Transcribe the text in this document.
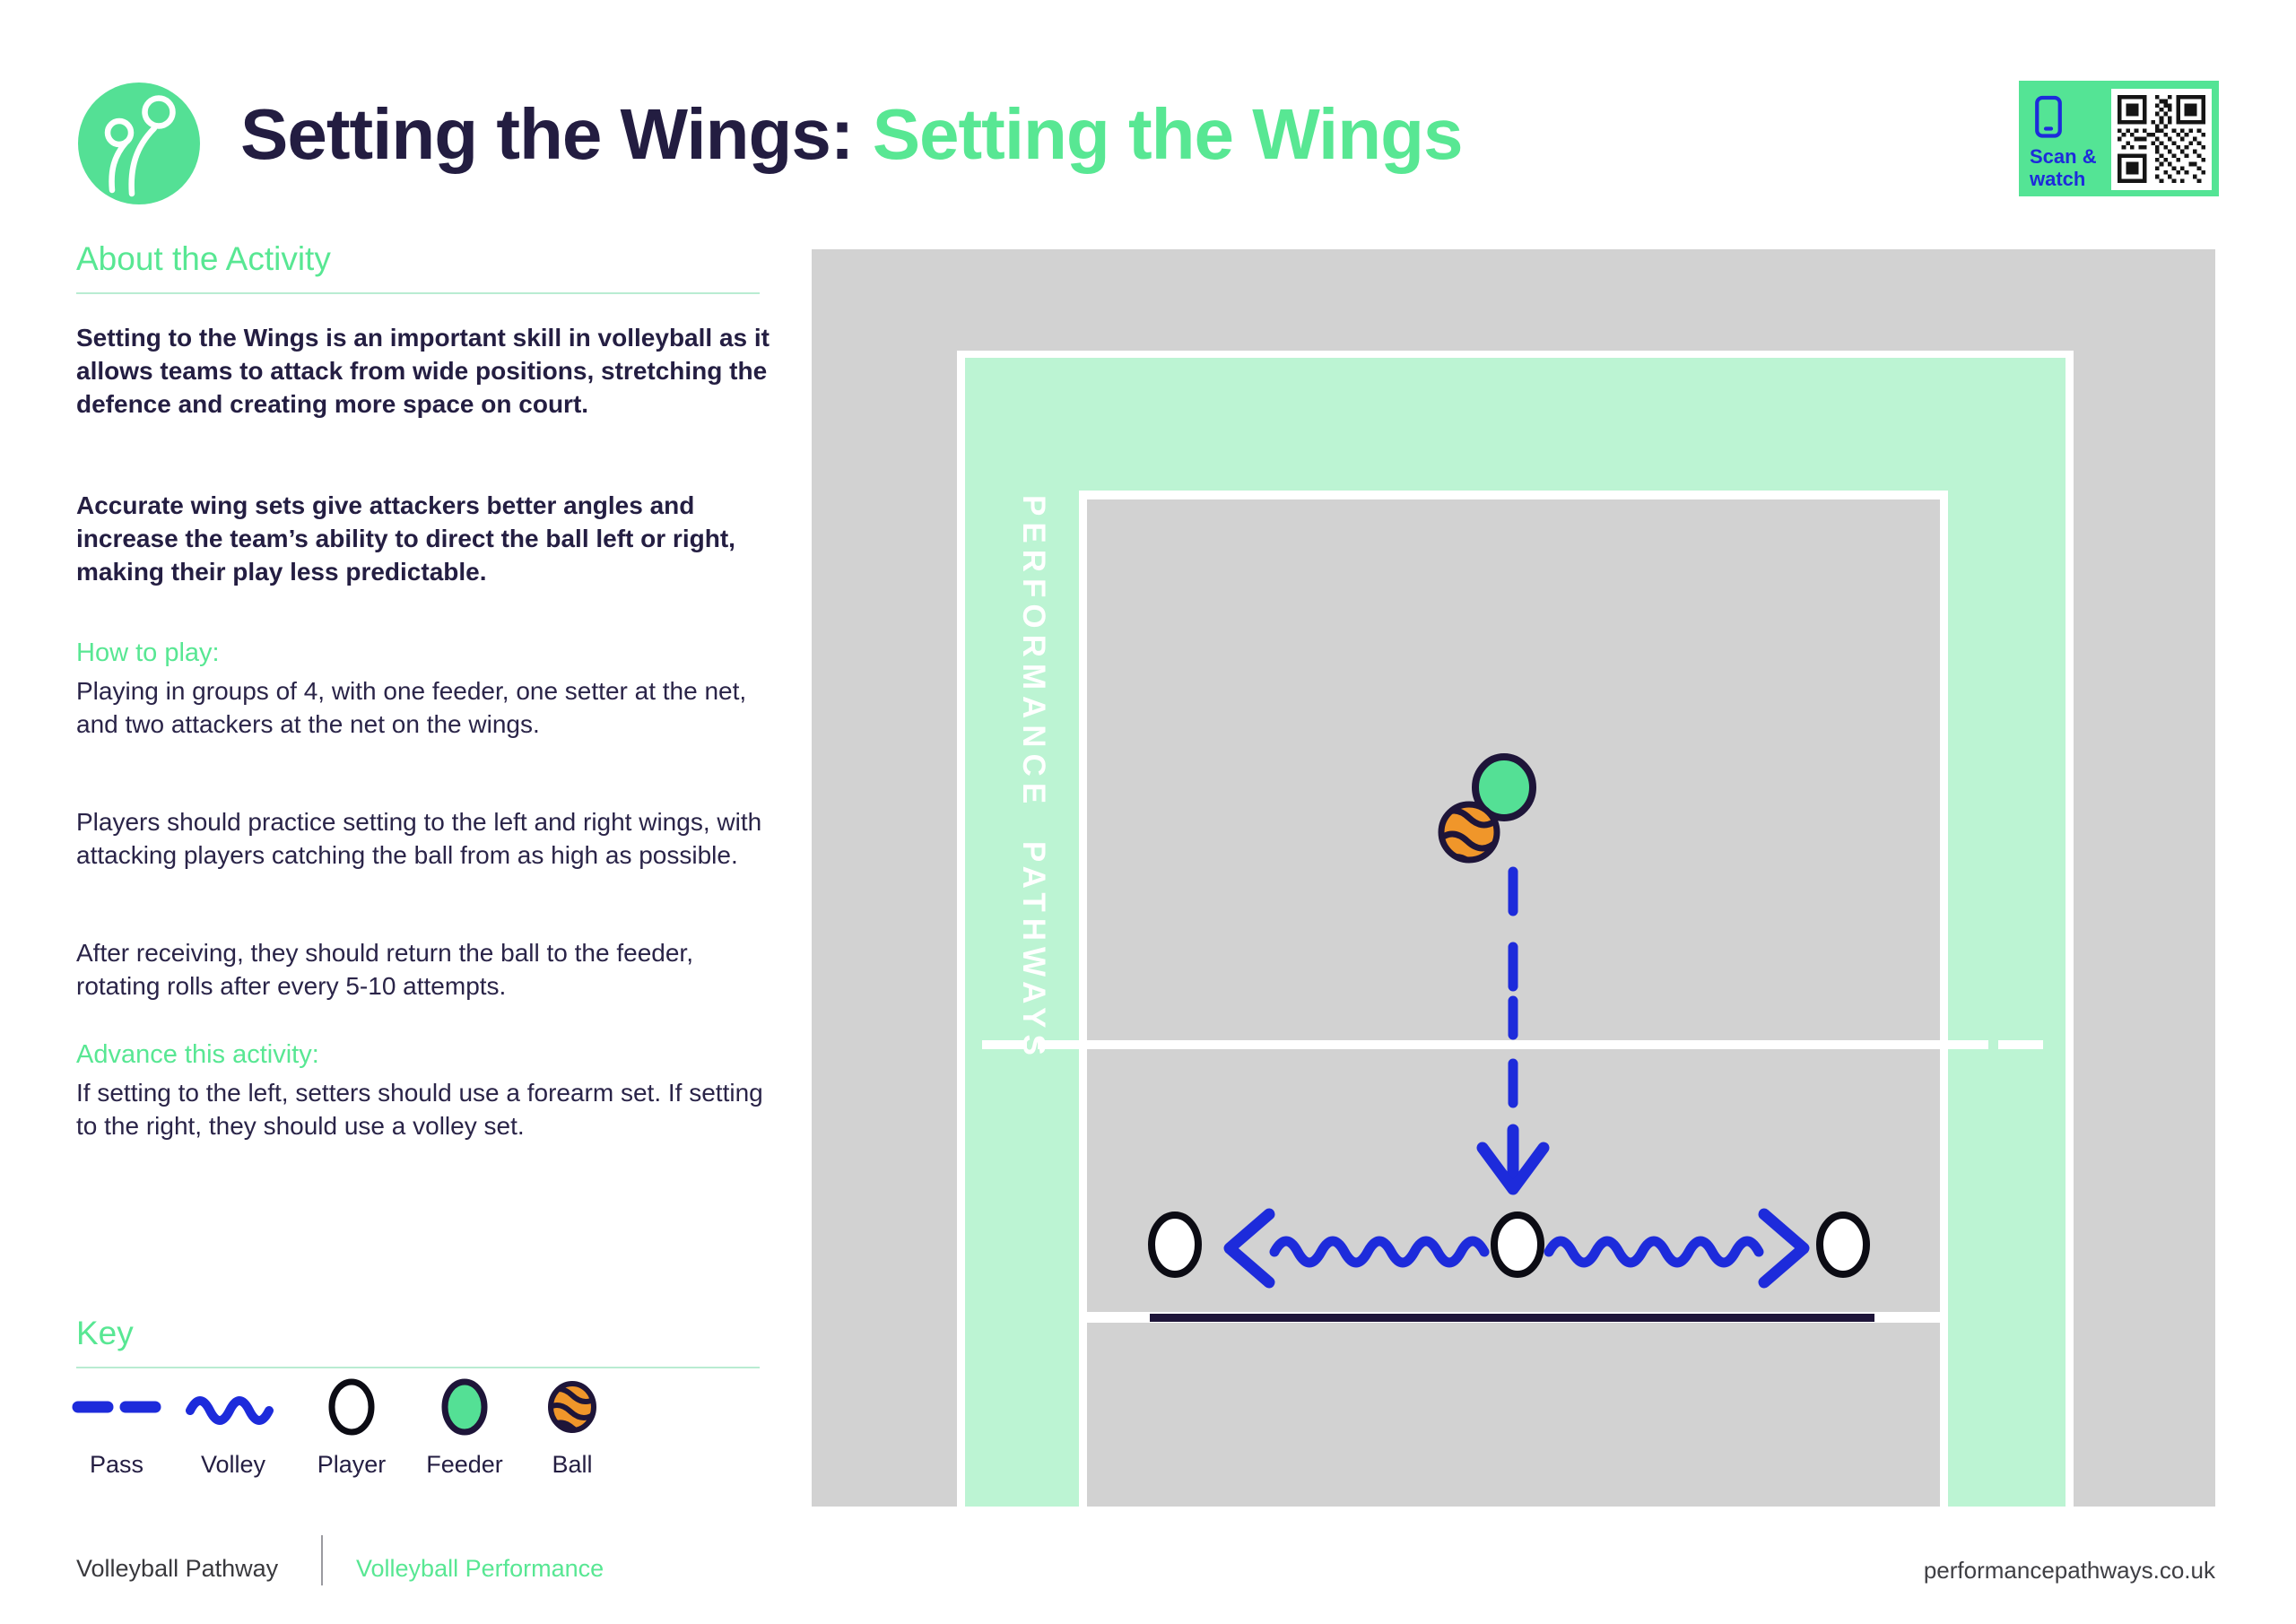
Setting the Wings: Setting the Wings	Scan &
watch
About the Activity
Setting to the Wings is an important skill in volleyball as it allows teams to attack from wide positions, stretching the defence and creating more space on court.
Accurate wing sets give attackers better angles and increase the team’s ability to direct the ball left or right, making their play less predictable.
How to play:
Playing in groups of 4, with one feeder, one setter at the net, and two attackers at the net on the wings.
Players should practice setting to the left and right wings, with attacking players catching the ball from as high as possible.
After receiving, they should return the ball to the feeder, rotating rolls after every 5-10 attempts.
Advance this activity:
If setting to the left, setters should use a forearm set. If setting to the right, they should use a volley set.
Key
Pass Volley Player Feeder Ball
PERFORMANCE PATHWAYS
Volleyball Pathway	Volleyball Performance	performancepathways.co.uk
